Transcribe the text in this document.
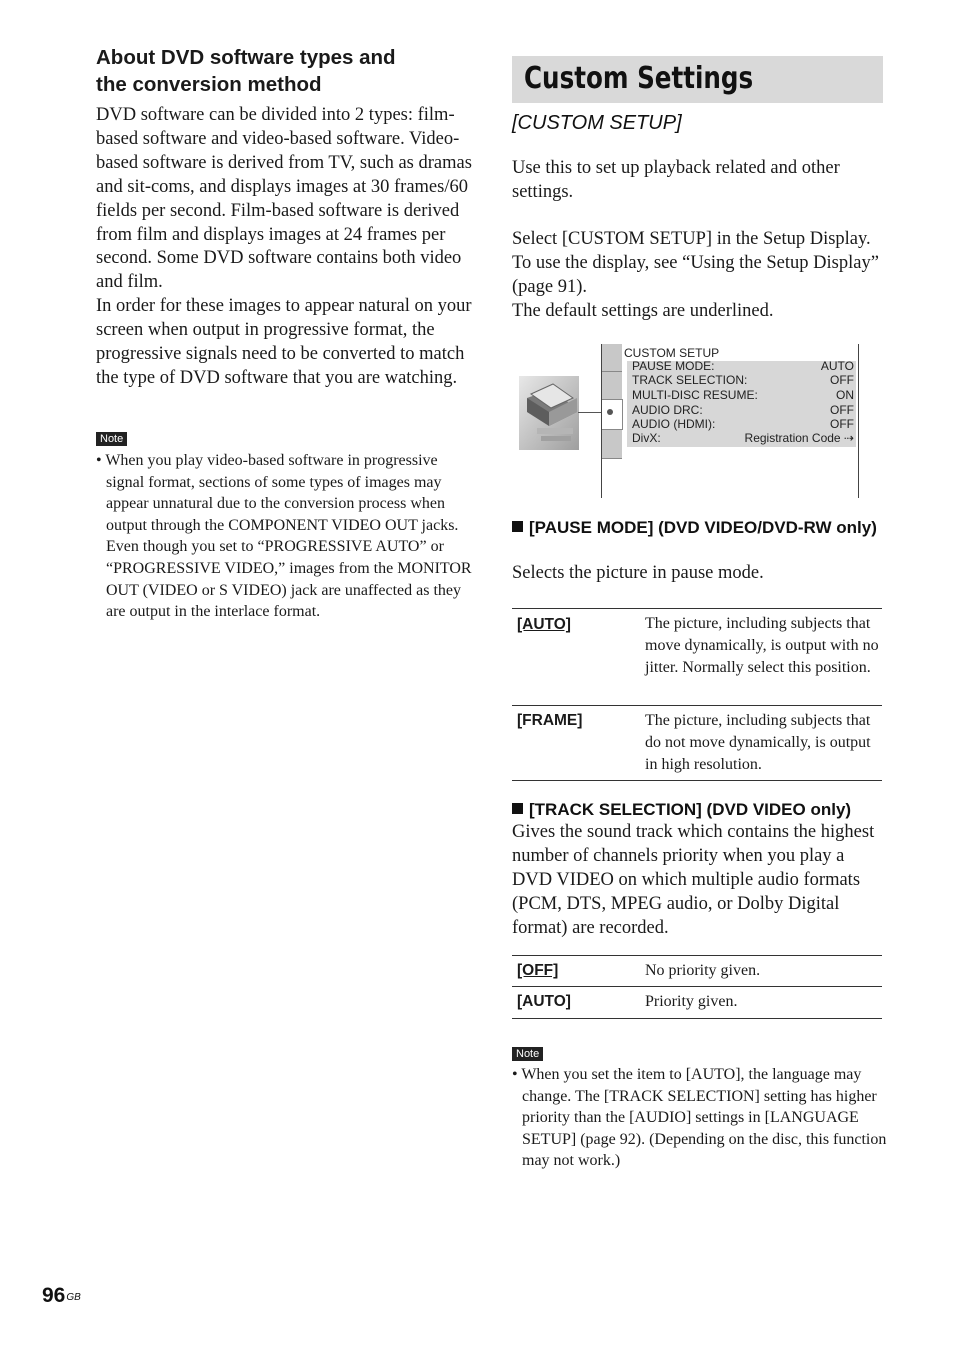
About DVD software types and
the conversion method
DVD software can be divided into 2 types: film-based software and video-based software. Video-based software is derived from TV, such as dramas and sit-coms, and displays images at 30 frames/60 fields per second. Film-based software is derived from film and displays images at 24 frames per second. Some DVD software contains both video and film.
In order for these images to appear natural on your screen when output in progressive format, the progressive signals need to be converted to match the type of DVD software that you are watching.
Note
• When you play video-based software in progressive signal format, sections of some types of images may appear unnatural due to the conversion process when output through the COMPONENT VIDEO OUT jacks. Even though you set to “PROGRESSIVE AUTO” or “PROGRESSIVE VIDEO,” images from the MONITOR OUT (VIDEO or S VIDEO) jack are unaffected as they are output in the interlace format.
Custom Settings
[CUSTOM SETUP]
Use this to set up playback related and other settings.
Select [CUSTOM SETUP] in the Setup Display.
To use the display, see “Using the Setup Display” (page 91).
The default settings are underlined.
CUSTOM SETUP
PAUSE MODE:	AUTO
TRACK SELECTION:	OFF
MULTI-DISC RESUME:	ON
AUDIO DRC:	OFF
AUDIO (HDMI):	OFF
DivX:	Registration Code ⇢
[PAUSE MODE] (DVD VIDEO/DVD-RW only)
Selects the picture in pause mode.
[AUTO]	The picture, including subjects that move dynamically, is output with no jitter. Normally select this position.
[FRAME]	The picture, including subjects that do not move dynamically, is output in high resolution.
[TRACK SELECTION] (DVD VIDEO only)
Gives the sound track which contains the highest number of channels priority when you play a DVD VIDEO on which multiple audio formats (PCM, DTS, MPEG audio, or Dolby Digital format) are recorded.
[OFF]	No priority given.
[AUTO]	Priority given.
Note
• When you set the item to [AUTO], the language may change. The [TRACK SELECTION] setting has higher priority than the [AUDIO] settings in [LANGUAGE SETUP] (page 92). (Depending on the disc, this function may not work.)
$96^{GB}$
